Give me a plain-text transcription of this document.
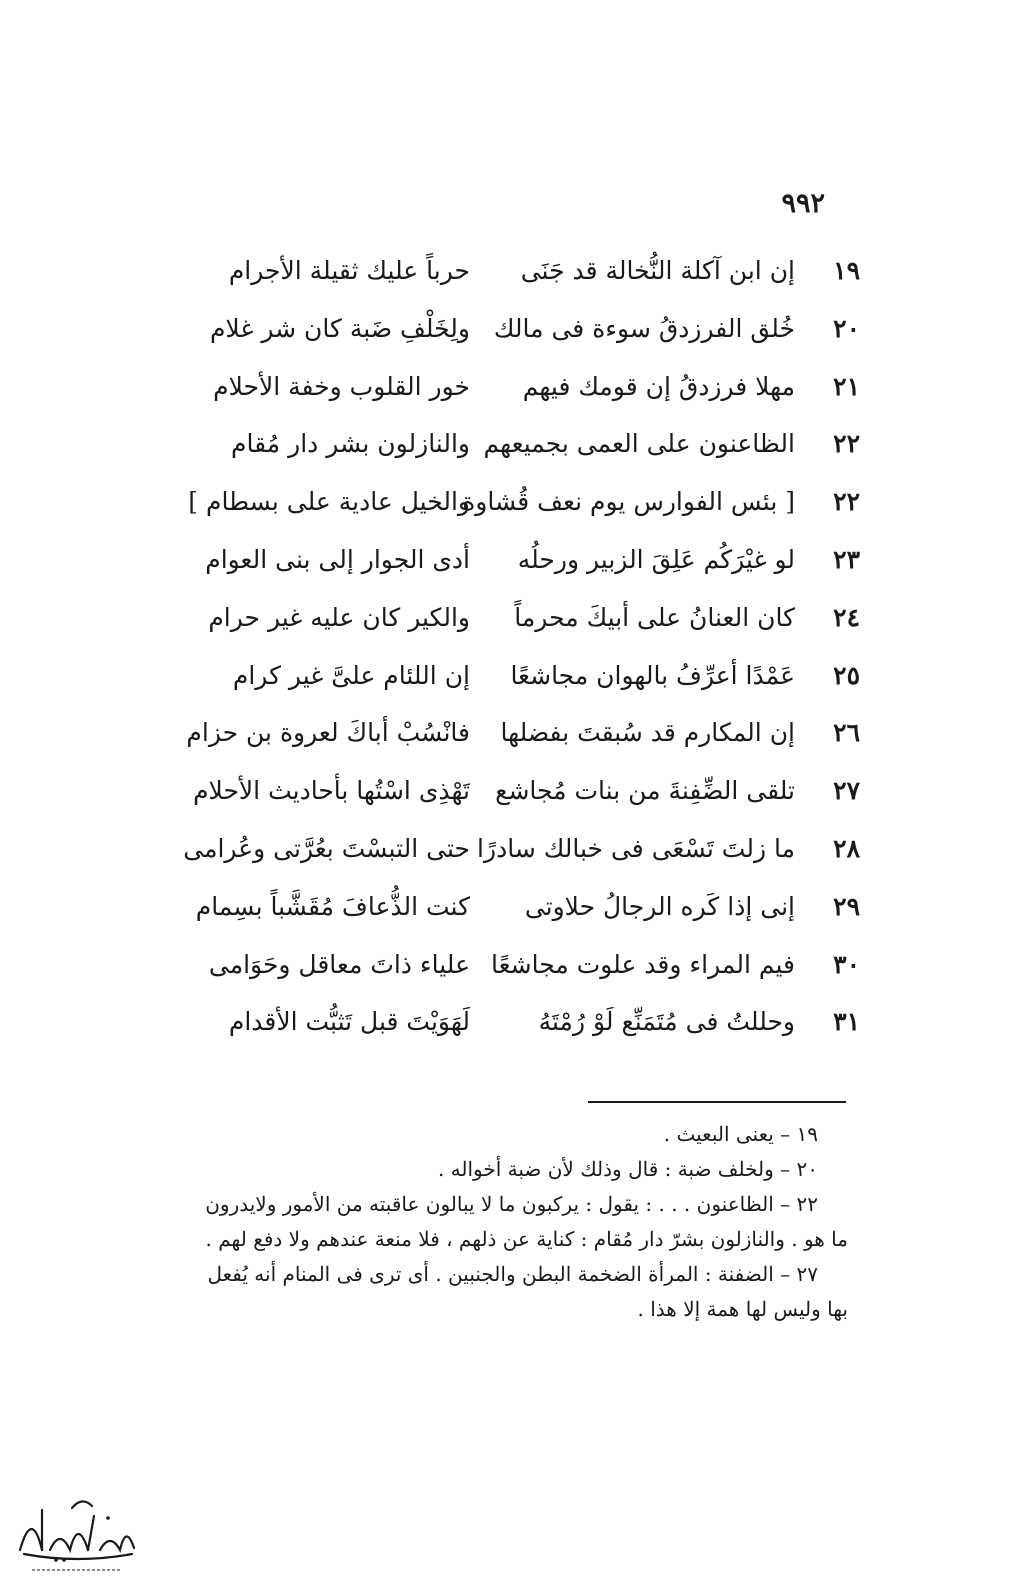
٩٩٢
١٩
إن ابن آكلة النُّخالة قد جَنَى
حرباً عليك ثقيلة الأجرام
٢٠
خُلق الفرزدقُ سوءة فى مالك
ولِخَلْفِ ضَبة كان شر غلام
٢١
مهلا فرزدقُ إن قومك فيهم
خور القلوب وخفة الأحلام
٢٢
الظاعنون على العمى بجميعهم
والنازلون بشر دار مُقام
٢٢
[ بئس الفوارس يوم نعف قُشاوة
والخيل عادية على بسطام ]
٢٣
لو غيْرَكُم عَلِقَ الزبير ورحلُه
أدى الجوار إلى بنى العوام
٢٤
كان العنانُ على أبيكَ محرماً
والكير كان عليه غير حرام
٢٥
عَمْدًا أعرِّفُ بالهوان مجاشعًا
إن اللئام علىَّ غير كرام
٢٦
إن المكارم قد سُبقتَ بفضلها
فانْسُبْ أباكَ لعروة بن حزام
٢٧
تلقى الضِّفِنةَ من بنات مُجاشع
تَهْذِى اسْتُها بأحاديث الأحلام
٢٨
ما زلتَ تَسْعَى فى خبالك سادرًا
حتى التبسْتَ بعُرَّتى وعُرامى
٢٩
إنى إذا كَره الرجالُ حلاوتى
كنت الذُّعافَ مُقَشَّباً بسِمام
٣٠
فيم المراء وقد علوت مجاشعًا
علياء ذاتَ معاقل وحَوَامى
٣١
وحللتُ فى مُتَمَنِّع لَوْ رُمْتَهُ
لَهَوَيْتَ قبل تَثبُّت الأقدام

١٩ – يعنى البعيث .

٢٠ – ولخلف ضبة : قال وذلك لأن ضبة أخواله .

٢٢ – الظاعنون . . . : يقول : يركبون ما لا يبالون عاقبته من الأمور ولايدرون

ما هو . والنازلون بشرّ دار مُقام : كناية عن ذلهم ، فلا منعة عندهم ولا دفع لهم .

٢٧ – الضفنة : المرأة الضخمة البطن والجنبين . أى ترى فى المنام أنه يُفعل

بها وليس لها همة إلا هذا .
